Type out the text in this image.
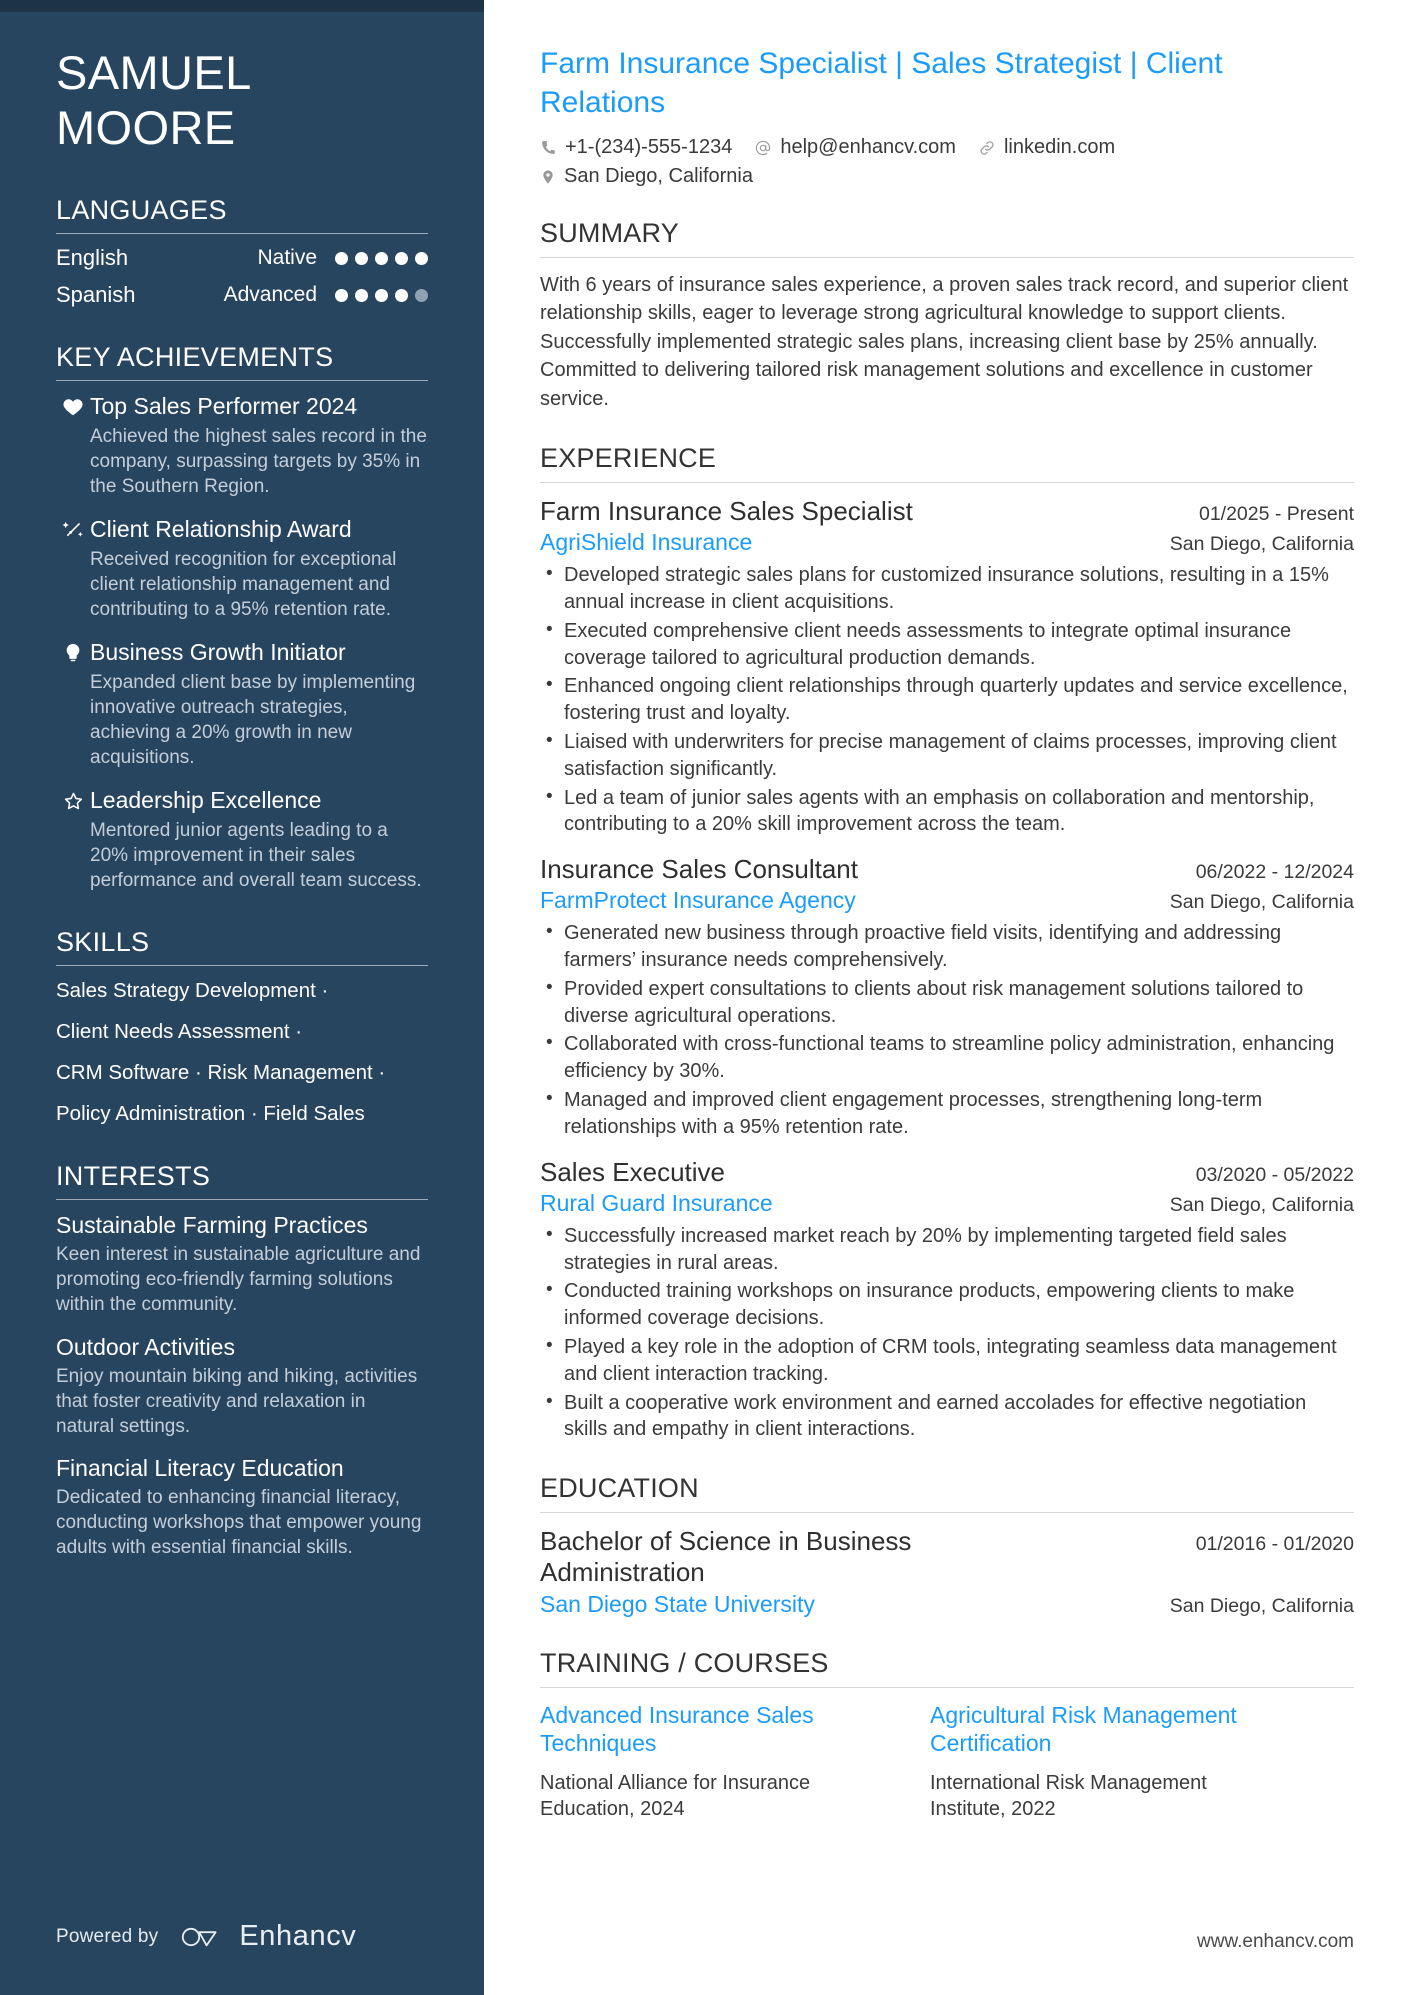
SAMUEL
MOORE
LANGUAGES
English	Native
Spanish	Advanced
KEY ACHIEVEMENTS
Top Sales Performer 2024
Achieved the highest sales record in the company, surpassing targets by 35% in the Southern Region.
Client Relationship Award
Received recognition for exceptional client relationship management and contributing to a 95% retention rate.
Business Growth Initiator
Expanded client base by implementing innovative outreach strategies, achieving a 20% growth in new acquisitions.
Leadership Excellence
Mentored junior agents leading to a 20% improvement in their sales performance and overall team success.
SKILLS
Sales Strategy Development ·
Client Needs Assessment ·
CRM Software · Risk Management ·
Policy Administration · Field Sales
INTERESTS
Sustainable Farming Practices
Keen interest in sustainable agriculture and promoting eco-friendly farming solutions within the community.
Outdoor Activities
Enjoy mountain biking and hiking, activities that foster creativity and relaxation in natural settings.
Financial Literacy Education
Dedicated to enhancing financial literacy, conducting workshops that empower young adults with essential financial skills.
Powered by	Enhancv
Farm Insurance Specialist | Sales Strategist | Client Relations
+1-(234)-555-1234 help@enhancv.com linkedin.com
San Diego, California
SUMMARY

With 6 years of insurance sales experience, a proven sales track record, and superior client relationship skills, eager to leverage strong agricultural knowledge to support clients. Successfully implemented strategic sales plans, increasing client base by 25% annually. Committed to delivering tailored risk management solutions and excellence in customer service.

EXPERIENCE
Farm Insurance Sales Specialist	01/2025 - Present
AgriShield Insurance	San Diego, California
• Developed strategic sales plans for customized insurance solutions, resulting in a 15% annual increase in client acquisitions.
• Executed comprehensive client needs assessments to integrate optimal insurance coverage tailored to agricultural production demands.
• Enhanced ongoing client relationships through quarterly updates and service excellence, fostering trust and loyalty.
• Liaised with underwriters for precise management of claims processes, improving client satisfaction significantly.
• Led a team of junior sales agents with an emphasis on collaboration and mentorship, contributing to a 20% skill improvement across the team.
Insurance Sales Consultant	06/2022 - 12/2024
FarmProtect Insurance Agency	San Diego, California
• Generated new business through proactive field visits, identifying and addressing farmers’ insurance needs comprehensively.
• Provided expert consultations to clients about risk management solutions tailored to diverse agricultural operations.
• Collaborated with cross-functional teams to streamline policy administration, enhancing efficiency by 30%.
• Managed and improved client engagement processes, strengthening long-term relationships with a 95% retention rate.
Sales Executive	03/2020 - 05/2022
Rural Guard Insurance	San Diego, California
• Successfully increased market reach by 20% by implementing targeted field sales strategies in rural areas.
• Conducted training workshops on insurance products, empowering clients to make informed coverage decisions.
• Played a key role in the adoption of CRM tools, integrating seamless data management and client interaction tracking.
• Built a cooperative work environment and earned accolades for effective negotiation skills and empathy in client interactions.
EDUCATION
Bachelor of Science in Business Administration
01/2016 - 01/2020
San Diego State University	San Diego, California
TRAINING / COURSES
Advanced Insurance Sales Techniques
National Alliance for Insurance Education, 2024
Agricultural Risk Management Certification
International Risk Management Institute, 2022
www.enhancv.com
